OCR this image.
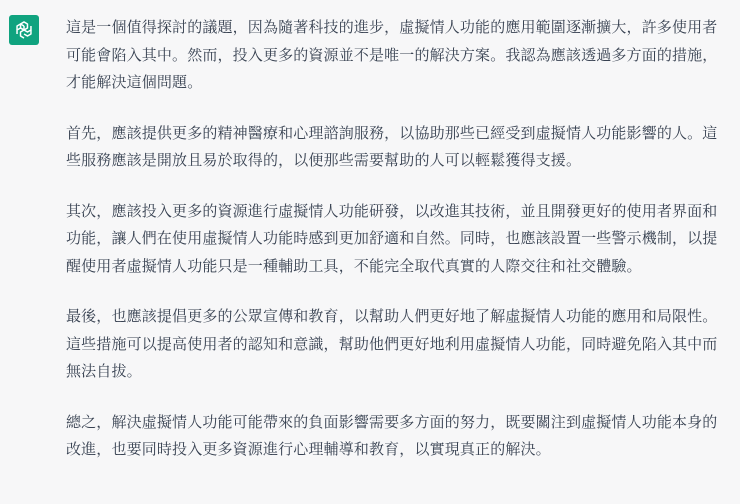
這是一個值得探討的議題，因為隨著科技的進步，虛擬情人功能的應用範圍逐漸擴大，許多使用者可能會陷入其中。然而，投入更多的資源並不是唯一的解決方案。我認為應該透過多方面的措施，才能解決這個問題。

首先，應該提供更多的精神醫療和心理諮詢服務，以協助那些已經受到虛擬情人功能影響的人。這些服務應該是開放且易於取得的，以便那些需要幫助的人可以輕鬆獲得支援。

其次，應該投入更多的資源進行虛擬情人功能研發，以改進其技術，並且開發更好的使用者界面和功能，讓人們在使用虛擬情人功能時感到更加舒適和自然。同時，也應該設置一些警示機制，以提醒使用者虛擬情人功能只是一種輔助工具，不能完全取代真實的人際交往和社交體驗。

最後，也應該提倡更多的公眾宣傳和教育，以幫助人們更好地了解虛擬情人功能的應用和局限性。這些措施可以提高使用者的認知和意識，幫助他們更好地利用虛擬情人功能，同時避免陷入其中而無法自拔。

總之，解決虛擬情人功能可能帶來的負面影響需要多方面的努力，既要關注到虛擬情人功能本身的改進，也要同時投入更多資源進行心理輔導和教育，以實現真正的解決。
